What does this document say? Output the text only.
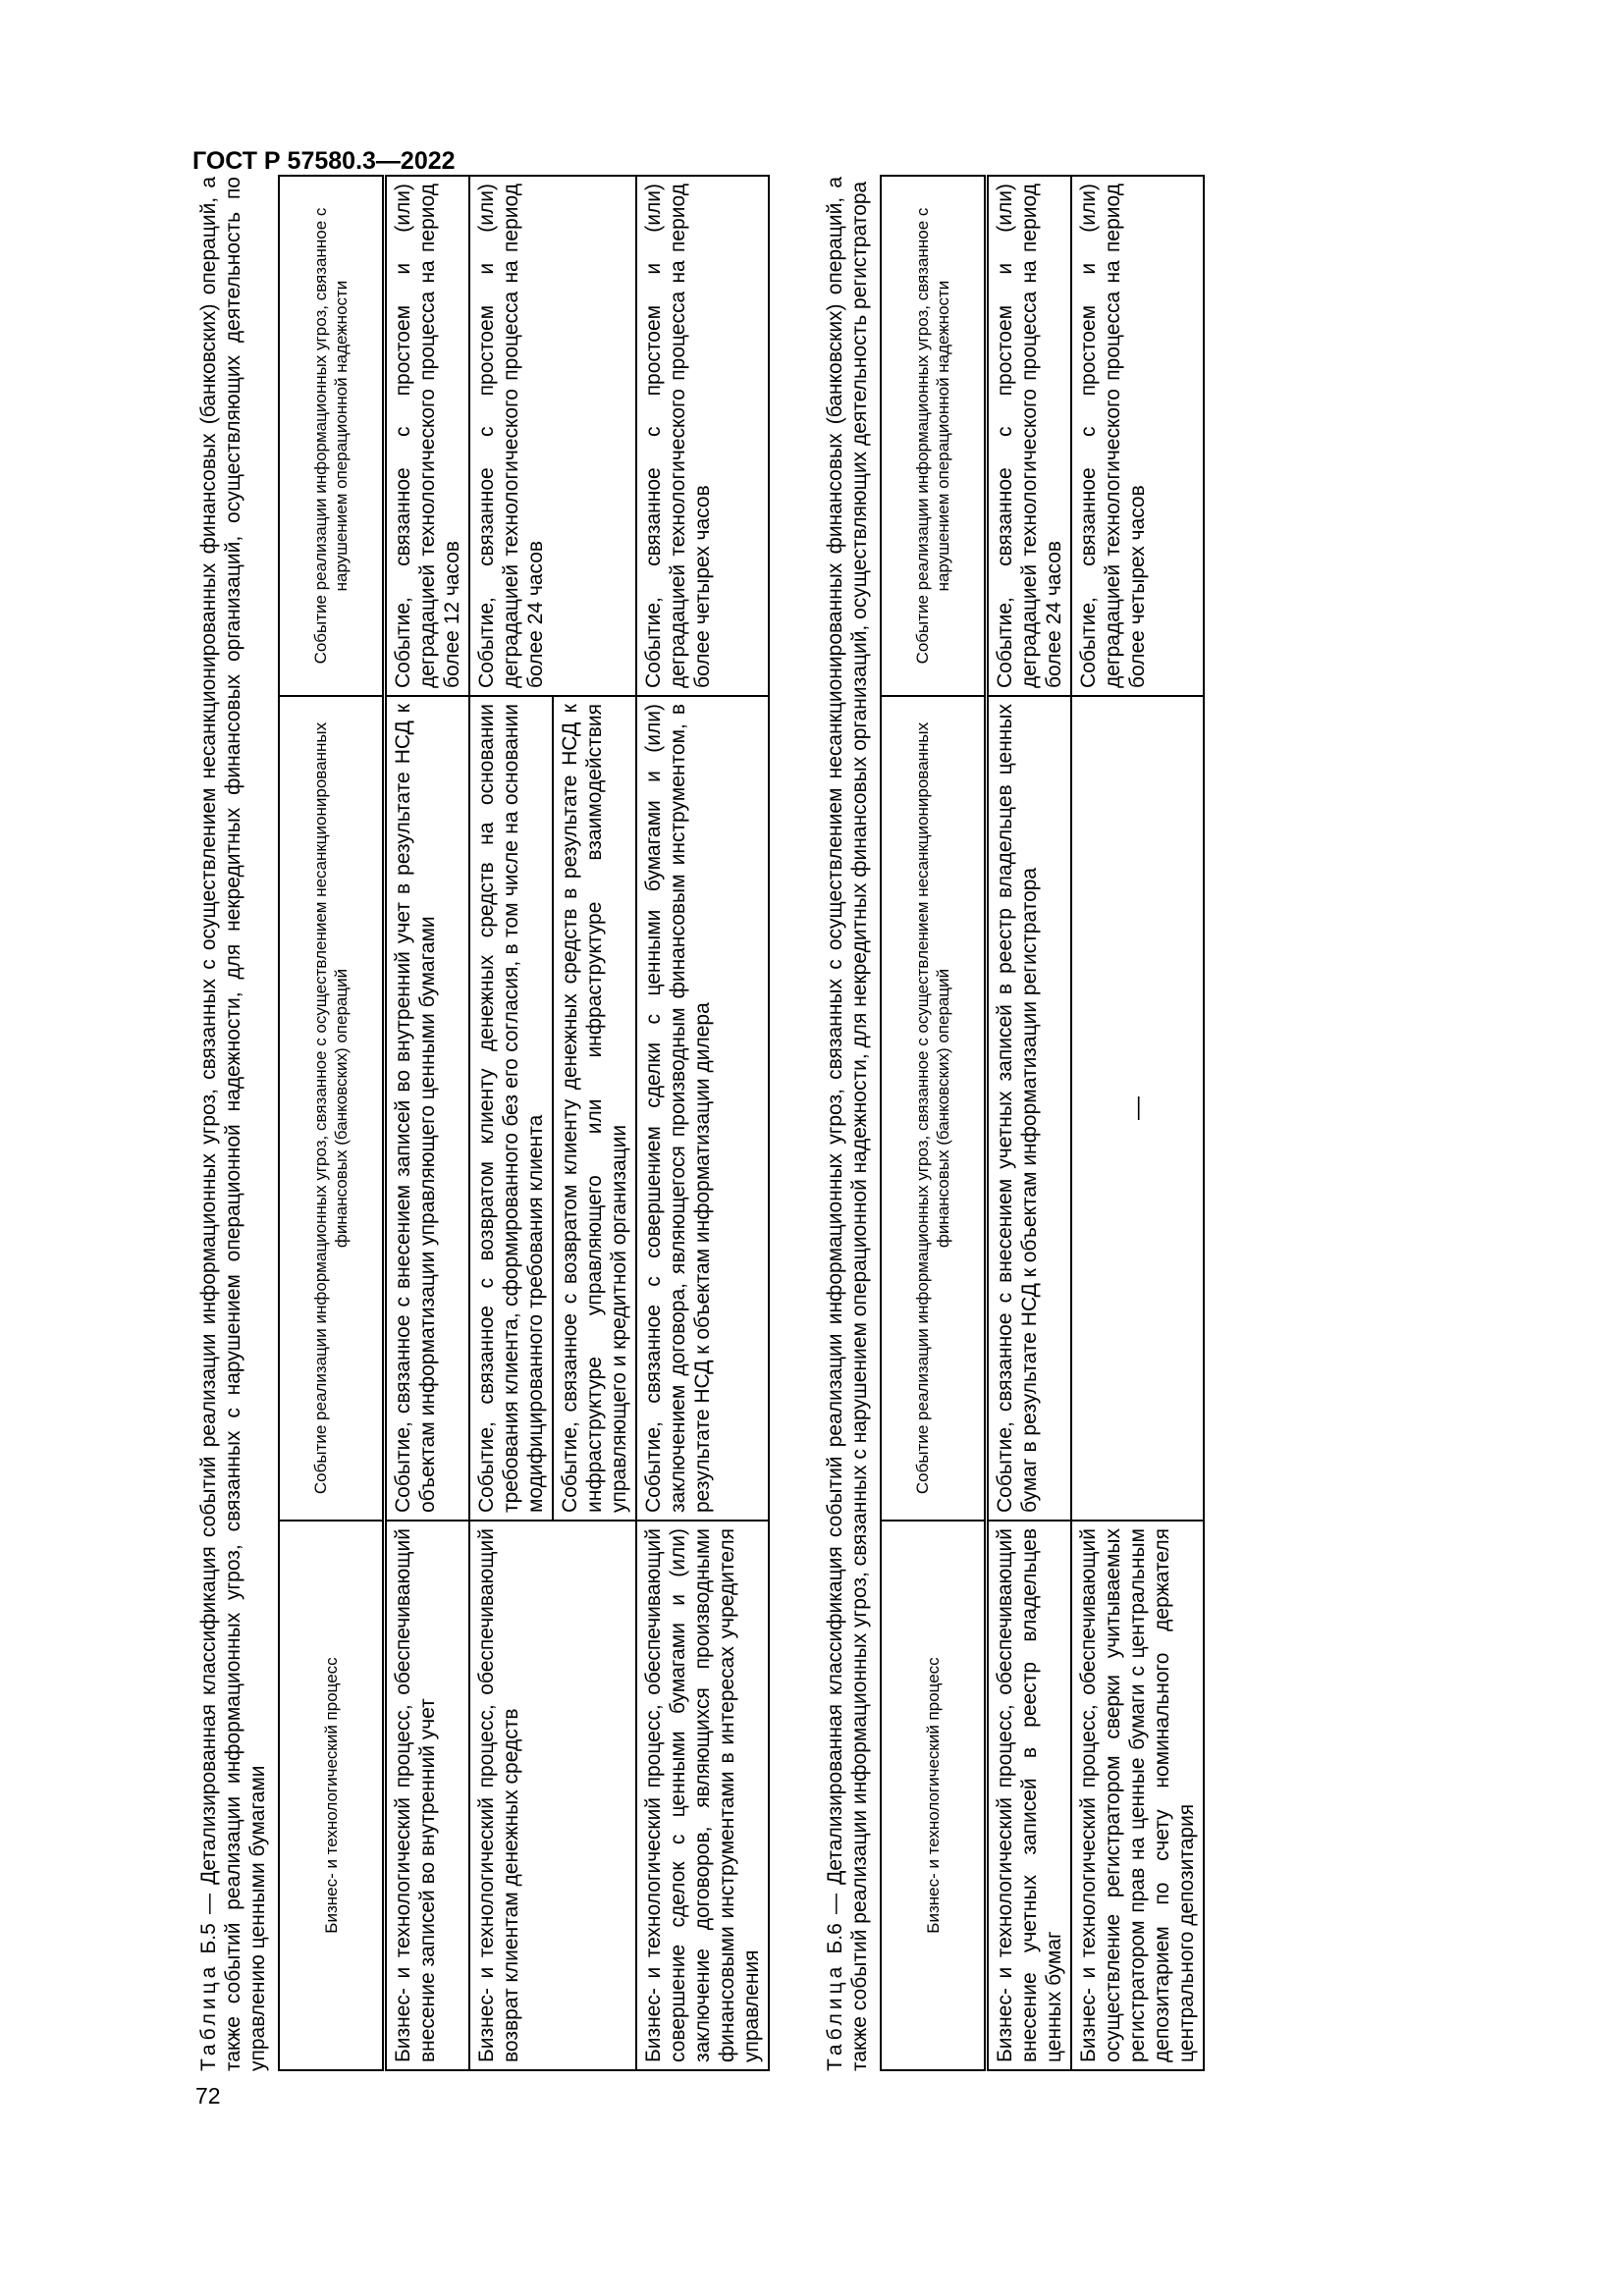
ГОСТ Р 57580.3—2022

Таблица Б.5 — Детализированная классификация событий реализации информационных угроз, связанных с осуществлением несанкционированных финансовых (банковских) операций, а также событий реализации информационных угроз, связанных с нарушением операционной надежности, для некредитных финансовых организаций, осуществляющих деятельность по управлению ценными бумагами	Бизнес- и технологический процесс	Событие реализации информационных угроз, связанное с осуществлением несанкционированных финансовых (банковских) операций	Событие реализации информационных угроз, связанное с нарушением операционной надежности
Бизнес- и технологический процесс, обеспечивающий внесение записей во внутренний учет	Событие, связанное с внесением записей во внутренний учет в результате НСД к объектам информатизации управляющего ценными бумагами	Событие, связанное с простоем и (или) деградацией технологического процесса на период более 12 часов
Бизнес- и технологический процесс, обеспечивающий возврат клиентам денежных средств	Событие, связанное с возвратом клиенту денежных средств на основании требования клиента, сформированного без его согласия, в том числе на основании модифицированного требования клиента	Событие, связанное с простоем и (или) деградацией технологического процесса на период более 24 часов
	Событие, связанное с возвратом клиенту денежных средств в результате НСД к инфраструктуре управляющего или инфраструктуре взаимодействия управляющего и кредитной организации	
Бизнес- и технологический процесс, обеспечивающий совершение сделок с ценными бумагами и (или) заключение договоров, являющихся производными финансовыми инструментами в интересах учредителя управления	Событие, связанное с совершением сделки с ценными бумагами и (или) заключением договора, являющегося производным финансовым инструментом, в результате НСД к объектам информатизации дилера	Событие, связанное с простоем и (или) деградацией технологического процесса на период более четырех часов

Таблица Б.6 — Детализированная классификация событий реализации информационных угроз, связанных с осуществлением несанкционированных финансовых (банковских) операций, а также событий реализации информационных угроз, связанных с нарушением операционной надежности, для некредитных финансовых организаций, осуществляющих деятельность регистратора	Бизнес- и технологический процесс	Событие реализации информационных угроз, связанное с осуществлением несанкционированных финансовых (банковских) операций	Событие реализации информационных угроз, связанное с нарушением операционной надежности
Бизнес- и технологический процесс, обеспечивающий внесение учетных записей в реестр владельцев ценных бумаг	Событие, связанное с внесением учетных записей в реестр владельцев ценных бумаг в результате НСД к объектам информатизации регистратора	Событие, связанное с простоем и (или) деградацией технологического процесса на период более 24 часов
Бизнес- и технологический процесс, обеспечивающий осуществление регистратором сверки учитываемых регистратором прав на ценные бумаги с центральным депозитарием по счету номинального держателя центрального депозитария	—	Событие, связанное с простоем и (или) деградацией технологического процесса на период более четырех часов
72
